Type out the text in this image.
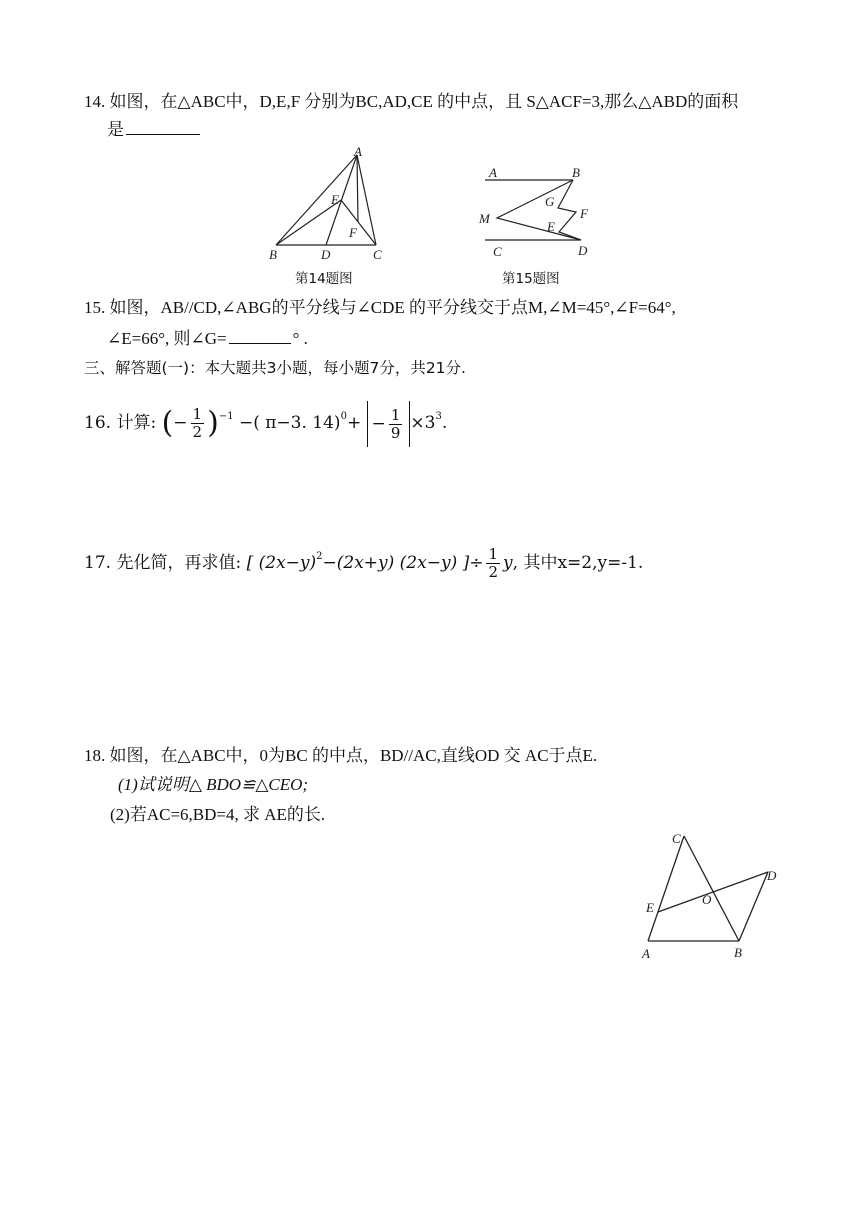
14. 如图，在△ABC中，D,E,F 分别为BC,AD,CE 的中点，且 S△ACF=3,那么△ABD的面积
是
A
B	C
D
E
F
第14题图
A	B
C	D
E
F
G
M
第15题图
15. 如图，AB//CD,∠ABG的平分线与∠CDE 的平分线交于点M,∠M=45°,∠F=64°,
∠E=66°, 则∠G=	° .
三、解答题(一)：本大题共3小题，每小题7分，共21分.
16. 计算: (− $\frac{1}{2} )^{-1}$ −( π−3. $14)^0+ - \frac{1}{9} \times 3^3$.
17. 先化简，再求值: [ $(2x-y)^2-(2x+y)$ (2x−y) ]÷ $\frac{1}{2} y$, 其中x=2,y=-1.
18. 如图，在△ABC中，0为BC 的中点，BD//AC,直线OD 交 AC于点E.
(1)试说明△ BDO≌△CEO;
(2)若AC=6,BD=4, 求 AE的长.
A	B
C
D
E
O
